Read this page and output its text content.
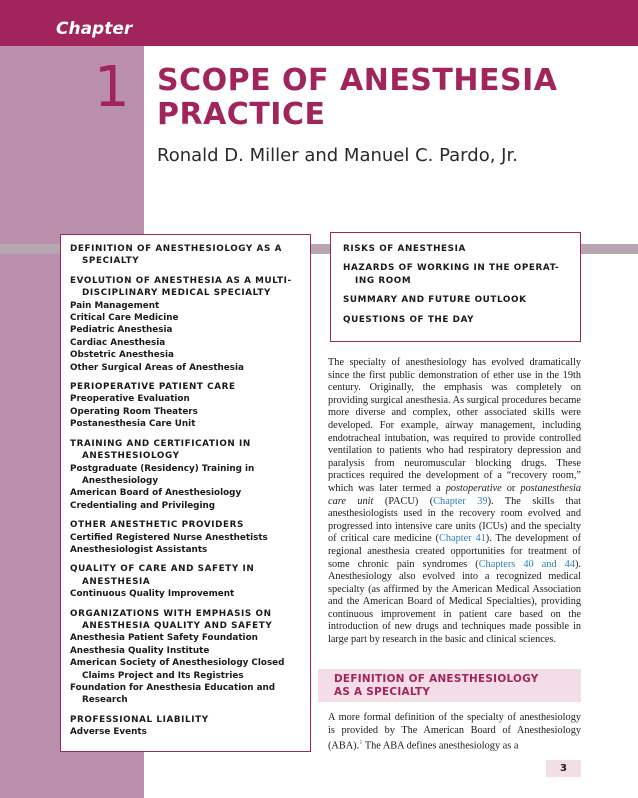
Chapter
1 SCOPE OF ANESTHESIA
PRACTICE
Ronald D. Miller and Manuel C. Pardo, Jr.
DEFINITION OF ANESTHESIOLOGY AS A
SPECIALTY
EVOLUTION OF ANESTHESIA AS A MULTI-
DISCIPLINARY MEDICAL SPECIALTY
Pain Management
Critical Care Medicine
Pediatric Anesthesia
Cardiac Anesthesia
Obstetric Anesthesia
Other Surgical Areas of Anesthesia
PERIOPERATIVE PATIENT CARE
Preoperative Evaluation
Operating Room Theaters
Postanesthesia Care Unit
TRAINING AND CERTIFICATION IN
ANESTHESIOLOGY
Postgraduate (Residency) Training in
Anesthesiology
American Board of Anesthesiology
Credentialing and Privileging
OTHER ANESTHETIC PROVIDERS
Certified Registered Nurse Anesthetists
Anesthesiologist Assistants
QUALITY OF CARE AND SAFETY IN
ANESTHESIA
Continuous Quality Improvement
ORGANIZATIONS WITH EMPHASIS ON
ANESTHESIA QUALITY AND SAFETY
Anesthesia Patient Safety Foundation
Anesthesia Quality Institute
American Society of Anesthesiology Closed
Claims Project and Its Registries
Foundation for Anesthesia Education and
Research
PROFESSIONAL LIABILITY
Adverse Events
RISKS OF ANESTHESIA
HAZARDS OF WORKING IN THE OPERAT-
ING ROOM
SUMMARY AND FUTURE OUTLOOK
QUESTIONS OF THE DAY
The specialty of anesthesiology has evolved dramatically since the first public demonstration of ether use in the 19th century. Originally, the emphasis was completely on providing surgical anesthesia. As surgical procedures became more diverse and complex, other associated skills were developed. For example, airway management, including endotracheal intubation, was required to provide controlled ventilation to patients who had respiratory depression and paralysis from neuromuscular blocking drugs. These practices required the development of a “recovery room,” which was later termed a postoperative or postanesthesia care unit (PACU) (Chapter 39). The skills that anesthesiologists used in the recovery room evolved and progressed into intensive care units (ICUs) and the specialty of critical care medicine (Chapter 41). The development of regional anesthesia created opportunities for treatment of some chronic pain syndromes (Chapters 40 and 44). Anesthesiology also evolved into a recognized medical specialty (as affirmed by the American Medical Association and the American Board of Medical Specialties), providing continuous improvement in patient care based on the introduction of new drugs and techniques made possible in large part by research in the basic and clinical sciences.
DEFINITION OF ANESTHESIOLOGY
AS A SPECIALTY
A more formal definition of the specialty of anesthesiology is provided by The American Board of Anesthesiology (ABA).$^1$ The ABA defines anesthesiology as a
3
